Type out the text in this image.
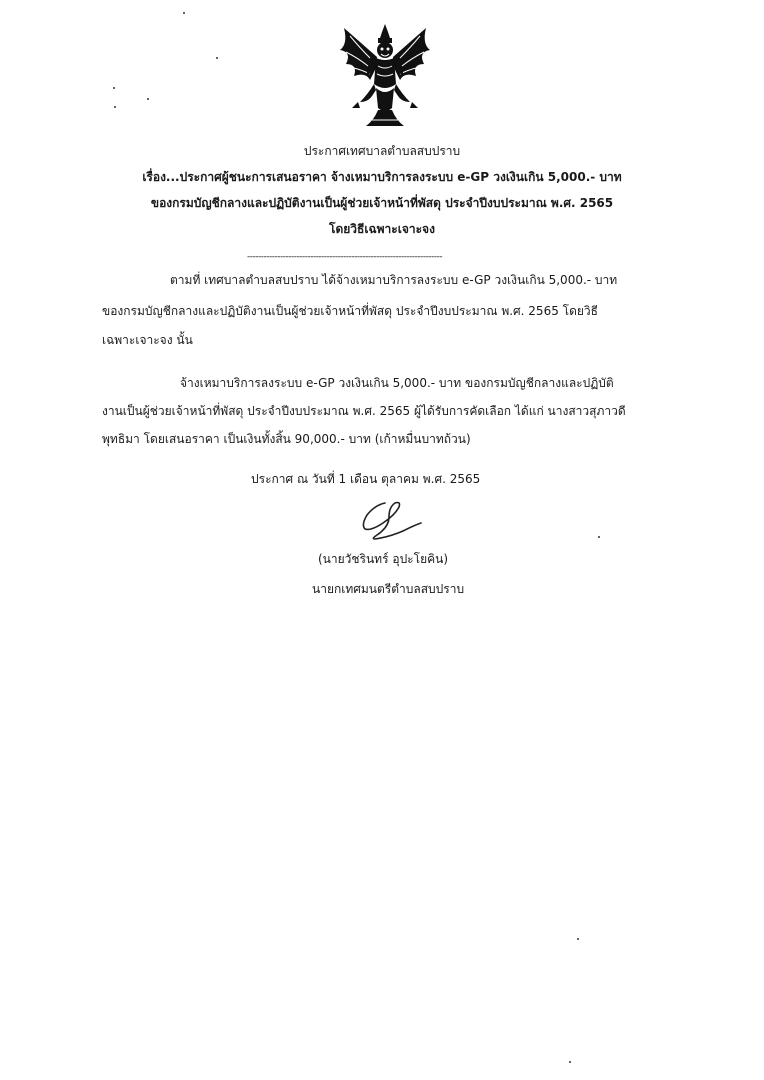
ประกาศเทศบาลตำบลสบปราบ
เรื่อง...ประกาศผู้ชนะการเสนอราคา จ้างเหมาบริการลงระบบ e-GP วงเงินเกิน 5,000.- บาท
ของกรมบัญชีกลางและปฏิบัติงานเป็นผู้ช่วยเจ้าหน้าที่พัสดุ ประจำปีงบประมาณ พ.ศ. 2565
โดยวิธีเฉพาะเจาะจง
-----------------------------------------------------------------------
ตามที่ เทศบาลตำบลสบปราบ ได้จ้างเหมาบริการลงระบบ e-GP วงเงินเกิน 5,000.- บาท
ของกรมบัญชีกลางและปฏิบัติงานเป็นผู้ช่วยเจ้าหน้าที่พัสดุ ประจำปีงบประมาณ พ.ศ. 2565 โดยวิธี
เฉพาะเจาะจง นั้น
จ้างเหมาบริการลงระบบ e-GP วงเงินเกิน 5,000.- บาท ของกรมบัญชีกลางและปฏิบัติ
งานเป็นผู้ช่วยเจ้าหน้าที่พัสดุ ประจำปีงบประมาณ พ.ศ. 2565 ผู้ได้รับการคัดเลือก ได้แก่ นางสาวสุภาวดี
พุทธิมา โดยเสนอราคา เป็นเงินทั้งสิ้น 90,000.- บาท (เก้าหมื่นบาทถ้วน)
ประกาศ ณ วันที่ 1 เดือน ตุลาคม พ.ศ. 2565
(นายวัชรินทร์ อุปะโยคิน)
นายกเทศมนตรีตำบลสบปราบ
